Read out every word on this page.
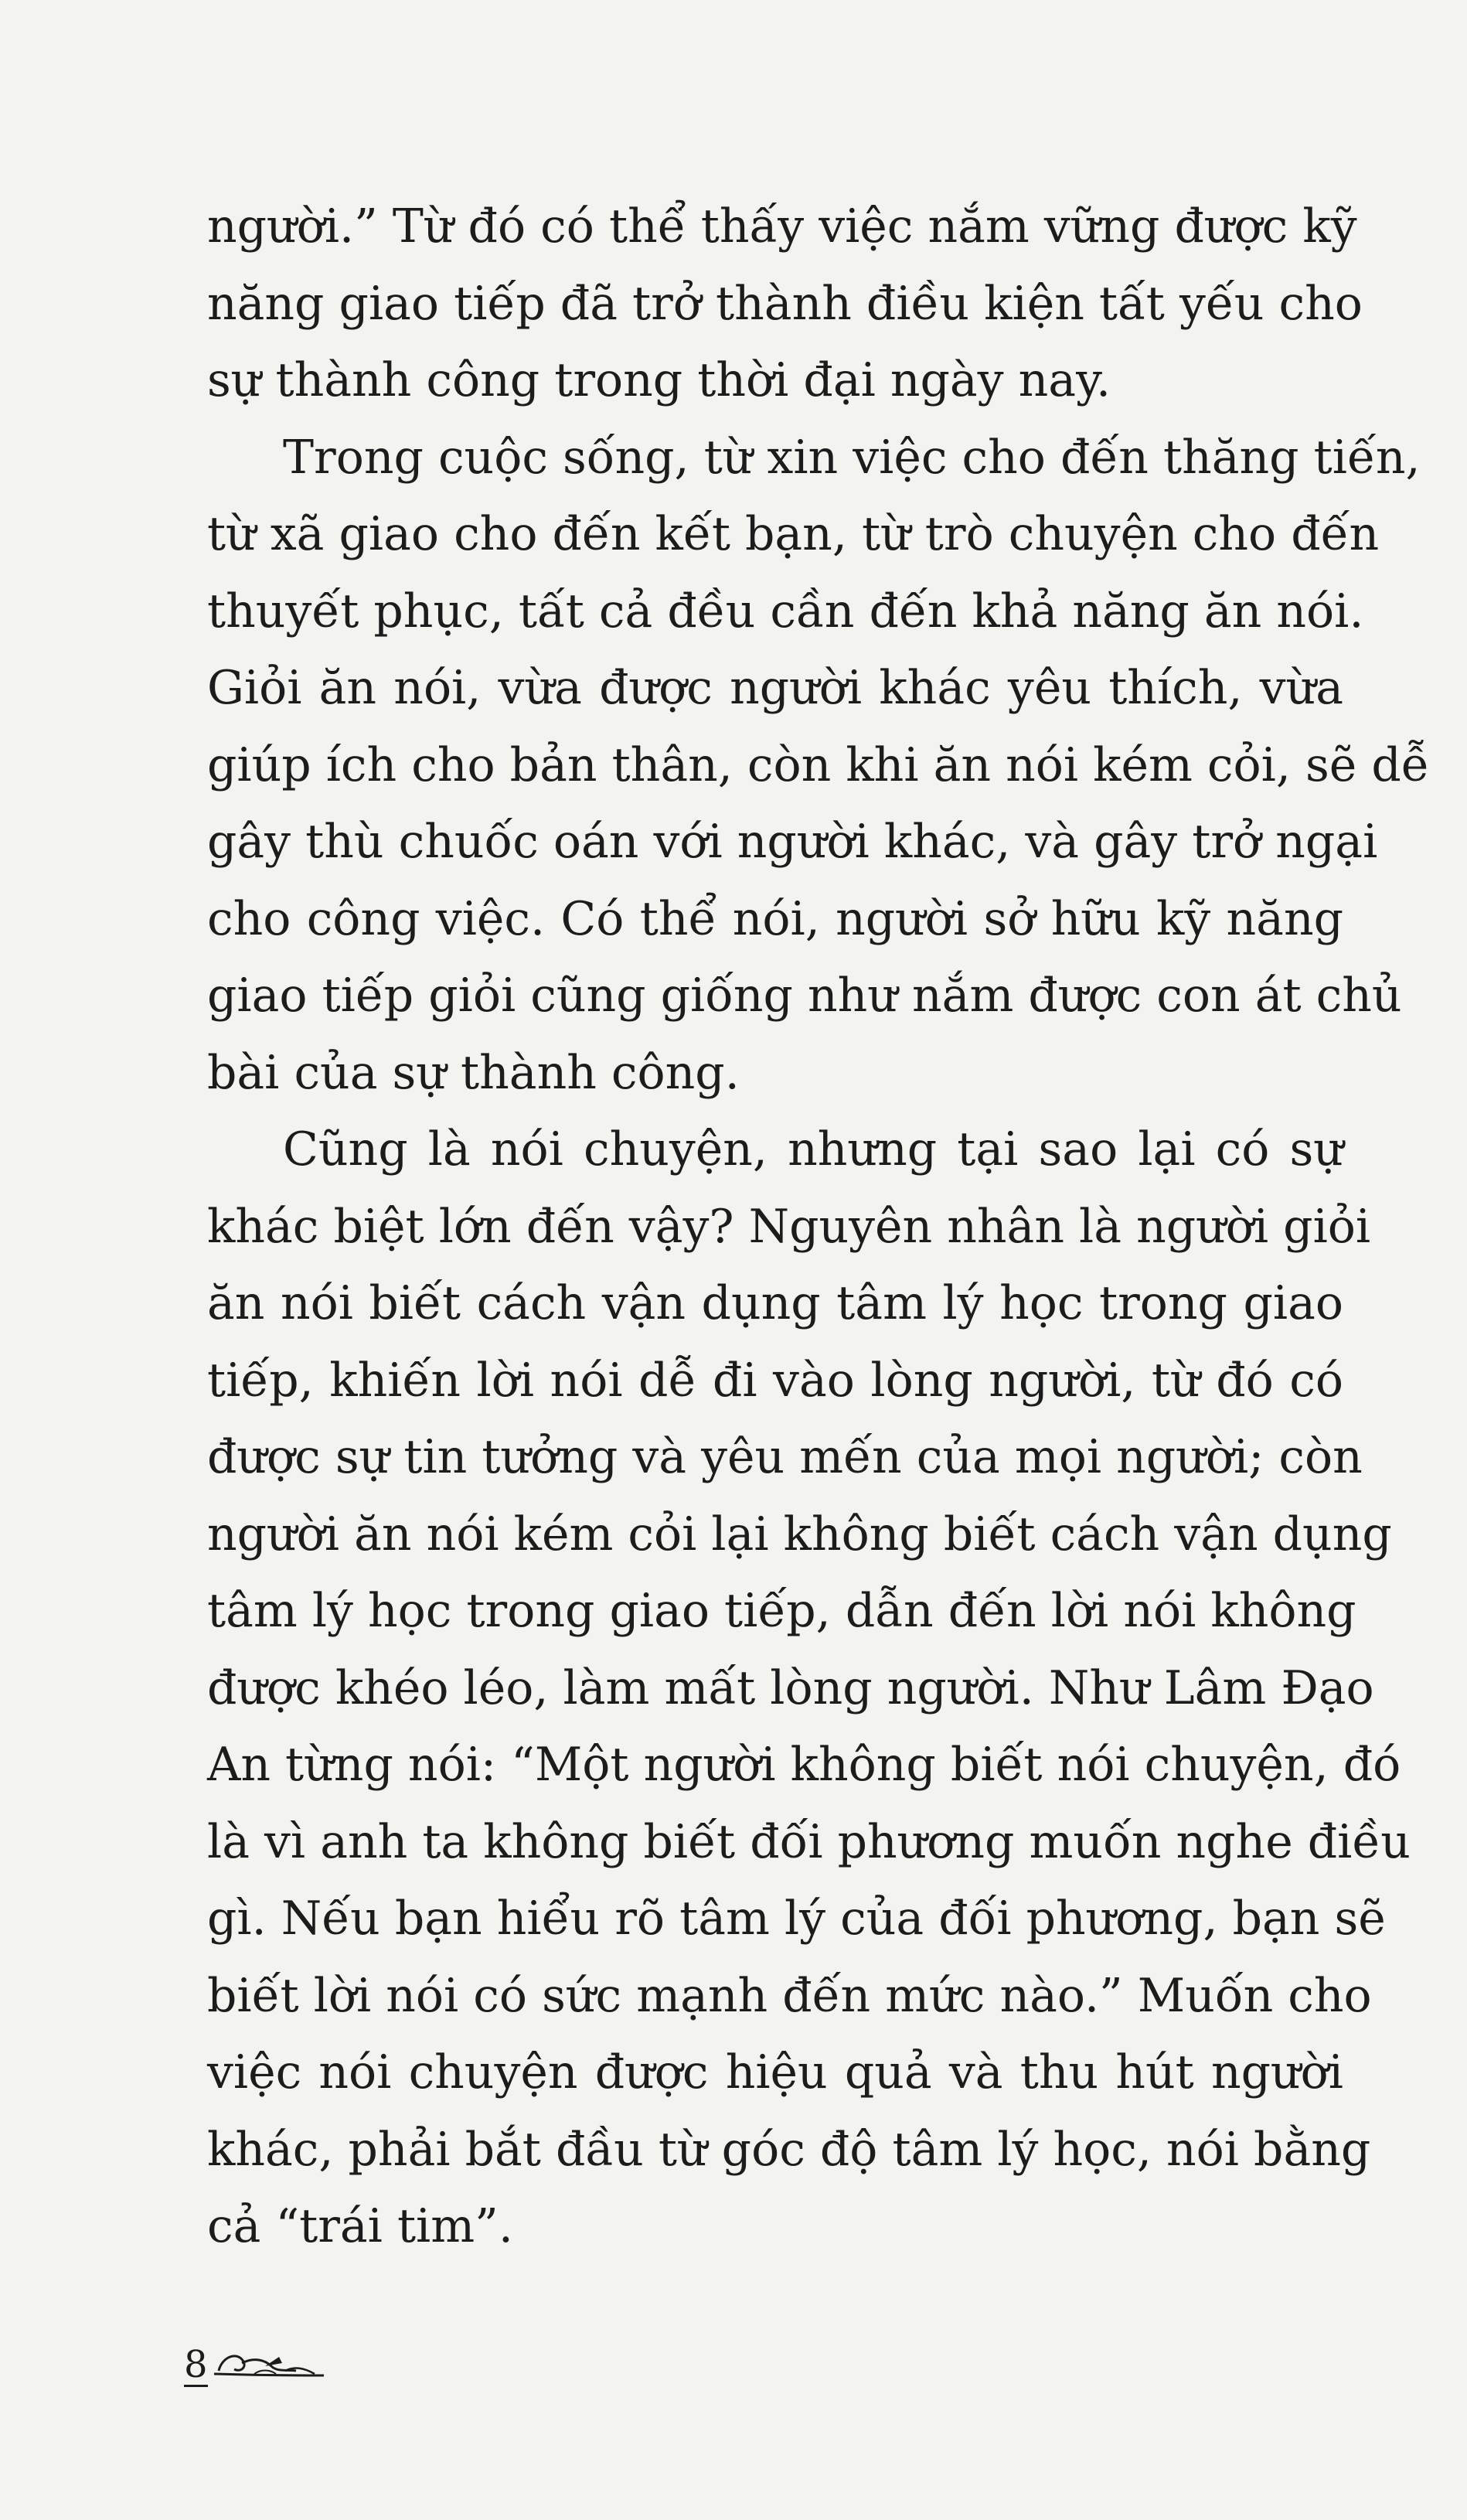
người.” Từ đó có thể thấy việc nắm vững được kỹ
năng giao tiếp đã trở thành điều kiện tất yếu cho
sự thành công trong thời đại ngày nay.
Trong cuộc sống, từ xin việc cho đến thăng tiến,
từ xã giao cho đến kết bạn, từ trò chuyện cho đến
thuyết phục, tất cả đều cần đến khả năng ăn nói.
Giỏi ăn nói, vừa được người khác yêu thích, vừa
giúp ích cho bản thân, còn khi ăn nói kém cỏi, sẽ dễ
gây thù chuốc oán với người khác, và gây trở ngại
cho công việc. Có thể nói, người sở hữu kỹ năng
giao tiếp giỏi cũng giống như nắm được con át chủ
bài của sự thành công.
Cũng là nói chuyện, nhưng tại sao lại có sự
khác biệt lớn đến vậy? Nguyên nhân là người giỏi
ăn nói biết cách vận dụng tâm lý học trong giao
tiếp, khiến lời nói dễ đi vào lòng người, từ đó có
được sự tin tưởng và yêu mến của mọi người; còn
người ăn nói kém cỏi lại không biết cách vận dụng
tâm lý học trong giao tiếp, dẫn đến lời nói không
được khéo léo, làm mất lòng người. Như Lâm Đạo
An từng nói: “Một người không biết nói chuyện, đó
là vì anh ta không biết đối phương muốn nghe điều
gì. Nếu bạn hiểu rõ tâm lý của đối phương, bạn sẽ
biết lời nói có sức mạnh đến mức nào.” Muốn cho
việc nói chuyện được hiệu quả và thu hút người
khác, phải bắt đầu từ góc độ tâm lý học, nói bằng
cả “trái tim”.
8
